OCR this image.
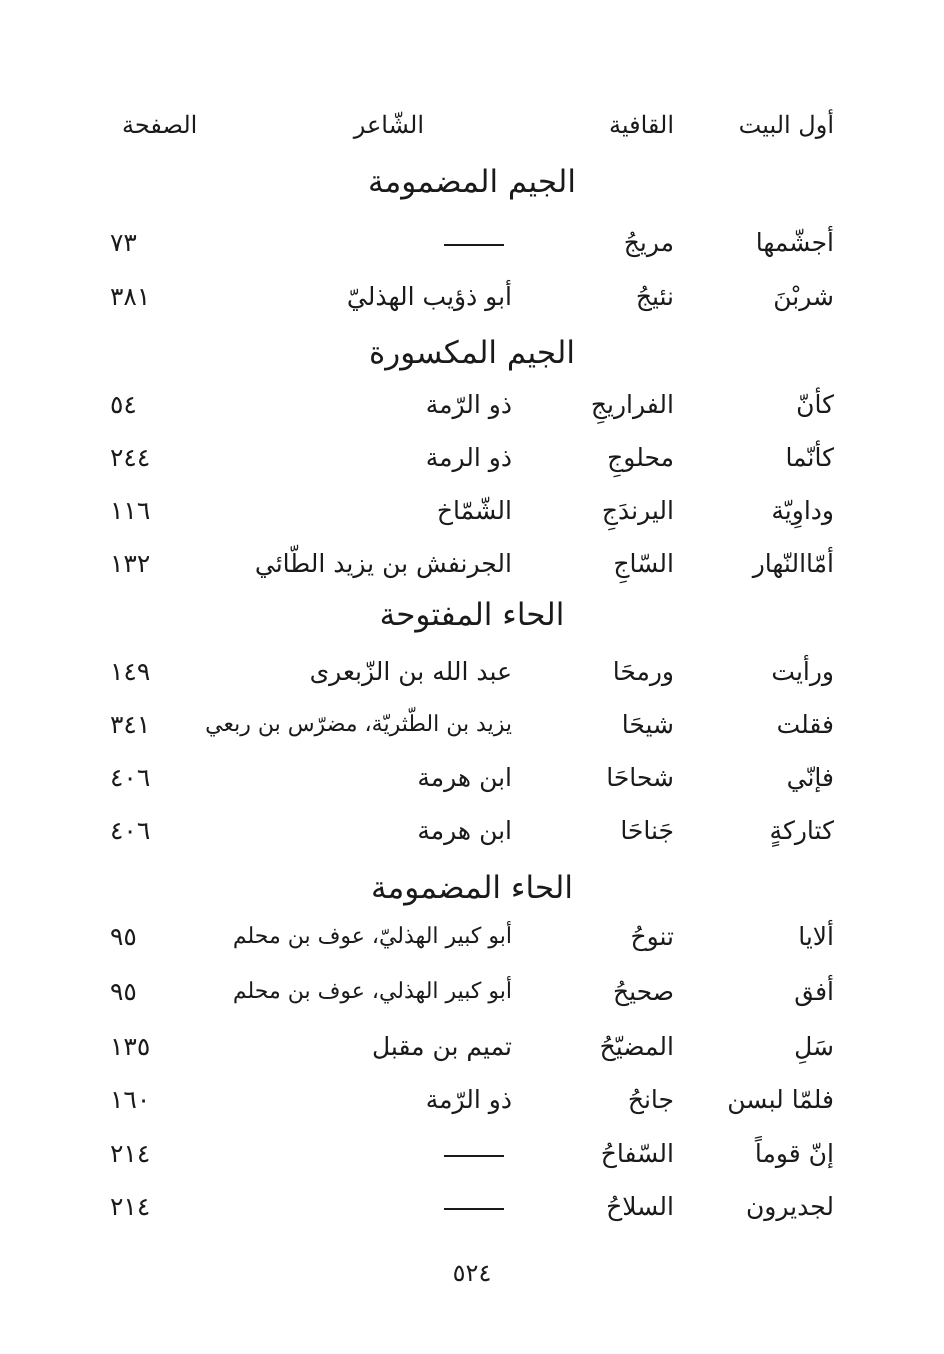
أول البيت
القافية
الشّاعر
الصفحة
الجيم المضمومة
أجشّمها
مريجُ
٧٣
شربْنَ
نئيجُ
أبو ذؤيب الهذليّ
٣٨١
الجيم المكسورة
كأنّ
الفراريجِ
ذو الرّمة
٥٤
كأنّما
محلوجِ
ذو الرمة
٢٤٤
وداوِيّة
اليرندَجِ
الشّمّاخ
١١٦
أمّاالنّهار
السّاجِ
الجرنفش بن يزيد الطّائي
١٣٢
الحاء المفتوحة
ورأيت
ورمحَا
عبد الله بن الزّبعرى
١٤٩
فقلت
شيحَا
يزيد بن الطّثريّة، مضرّس بن ربعي
٣٤١
فإنّي
شحاحَا
ابن هرمة
٤٠٦
كتاركةٍ
جَناحَا
ابن هرمة
٤٠٦
الحاء المضمومة
ألايا
تنوحُ
أبو كبير الهذليّ، عوف بن محلم
٩٥
أفق
صحيحُ
أبو كبير الهذلي، عوف بن محلم
٩٥
سَلِ
المضيّحُ
تميم بن مقبل
١٣٥
فلمّا لبسن
جانحُ
ذو الرّمة
١٦٠
إنّ قوماً
السّفاحُ
٢١٤
لجديرون
السلاحُ
٢١٤
٥٢٤
